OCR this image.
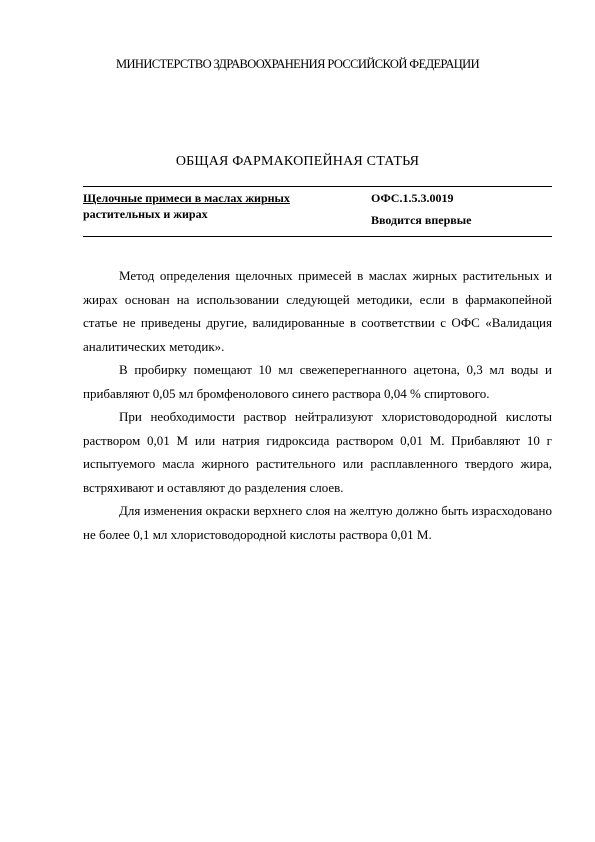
МИНИСТЕРСТВО ЗДРАВООХРАНЕНИЯ РОССИЙСКОЙ ФЕДЕРАЦИИ
ОБЩАЯ ФАРМАКОПЕЙНАЯ СТАТЬЯ
Щелочные примеси в маслах жирных
растительных и жирах
ОФС.1.5.3.0019
Вводится впервые

Метод определения щелочных примесей в маслах жирных растительных и жирах основан на использовании следующей методики, если в фармакопейной статье не приведены другие, валидированные в соответствии с ОФС «Валидация аналитических методик».

В пробирку помещают 10 мл свежеперегнанного ацетона, 0,3 мл воды и прибавляют 0,05 мл бромфенолового синего раствора 0,04 % спиртового.

При необходимости раствор нейтрализуют хлористоводородной кислоты раствором 0,01 М или натрия гидроксида раствором 0,01 М. Прибавляют 10 г испытуемого масла жирного растительного или расплавленного твердого жира, встряхивают и оставляют до разделения слоев.

Для изменения окраски верхнего слоя на желтую должно быть израсходовано не более 0,1 мл хлористоводородной кислоты раствора 0,01 М.
